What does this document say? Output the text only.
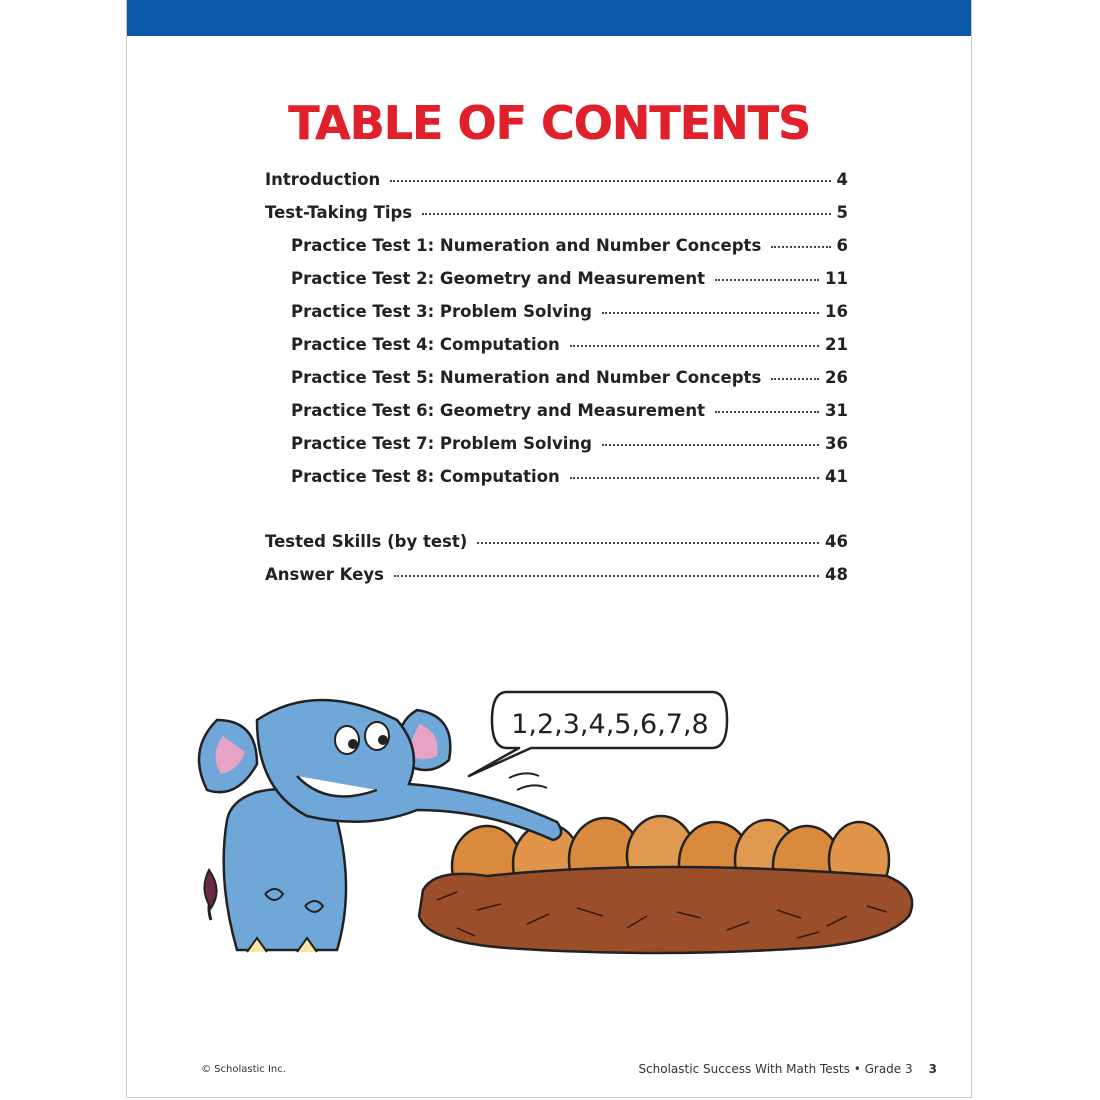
TABLE OF CONTENTS
Introduction	4
Test-Taking Tips	5
Practice Test 1: Numeration and Number Concepts	6
Practice Test 2: Geometry and Measurement	11
Practice Test 3: Problem Solving	16
Practice Test 4: Computation	21
Practice Test 5: Numeration and Number Concepts	26
Practice Test 6: Geometry and Measurement	31
Practice Test 7: Problem Solving	36
Practice Test 8: Computation	41
Tested Skills (by test)	46
Answer Keys	48
1,2,3,4,5,6,7,8
© Scholastic Inc.	Scholastic Success With Math Tests • Grade 3 3
